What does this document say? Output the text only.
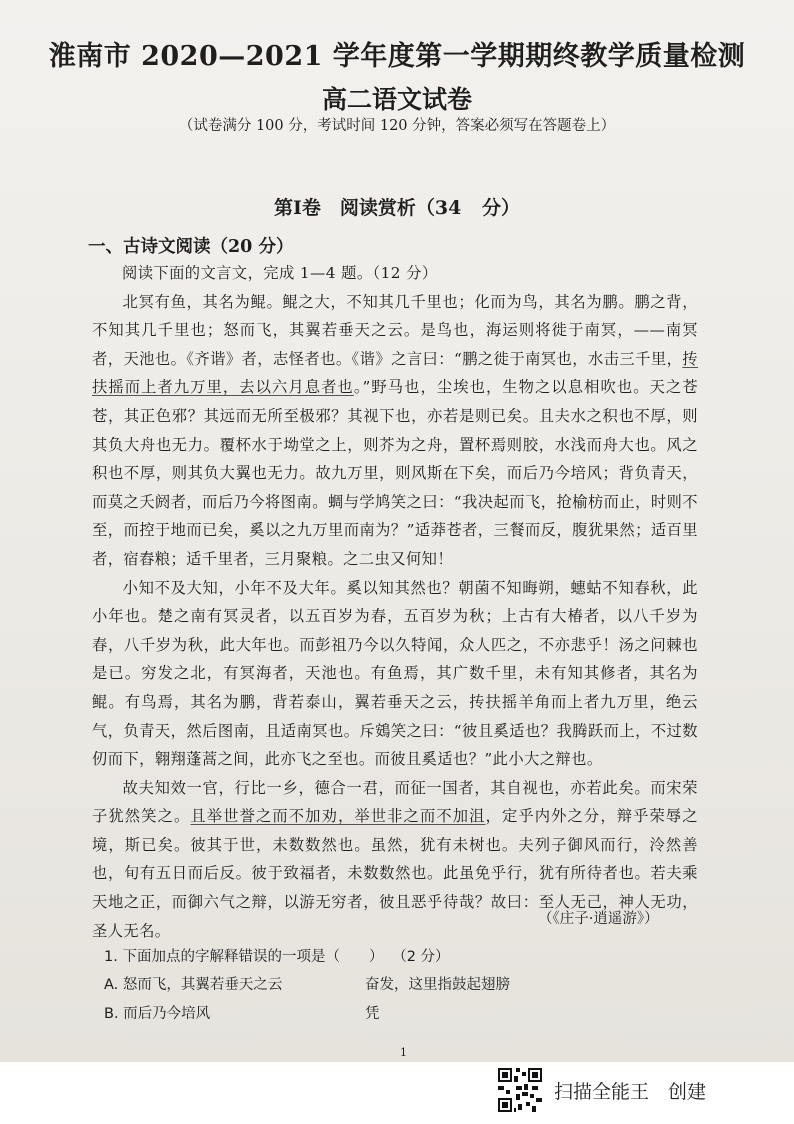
淮南市 2020—2021 学年度第一学期期终教学质量检测
高二语文试卷
（试卷满分 100 分，考试时间 120 分钟，答案必须写在答题卷上）
第Ⅰ卷　阅读赏析（34 分）
一、古诗文阅读（20 分）

阅读下面的文言文，完成 1—4 题。（12 分）

北冥有鱼，其名为鲲。鲲之大，不知其几千里也；化而为鸟，其名为鹏。鹏之背，不知其几千里也；怒而飞，其翼若垂天之云。是鸟也，海运则将徙于南冥，——南冥者，天池也。《齐谐》者，志怪者也。《谐》之言曰：“鹏之徙于南冥也，水击三千里，抟扶摇而上者九万里，去以六月息者也。”野马也，尘埃也，生物之以息相吹也。天之苍苍，其正色邪？其远而无所至极邪？其视下也，亦若是则已矣。且夫水之积也不厚，则其负大舟也无力。覆杯水于坳堂之上，则芥为之舟，置杯焉则胶，水浅而舟大也。风之积也不厚，则其负大翼也无力。故九万里，则风斯在下矣，而后乃今培风；背负青天，而莫之夭阏者，而后乃今将图南。蜩与学鸠笑之曰：“我决起而飞，抢榆枋而止，时则不至，而控于地而已矣，奚以之九万里而南为？”适莽苍者，三餐而反，腹犹果然；适百里者，宿舂粮；适千里者，三月聚粮。之二虫又何知！

小知不及大知，小年不及大年。奚以知其然也？朝菌不知晦朔，蟪蛄不知春秋，此小年也。楚之南有冥灵者，以五百岁为春，五百岁为秋；上古有大椿者，以八千岁为春，八千岁为秋，此大年也。而彭祖乃今以久特闻，众人匹之，不亦悲乎！汤之问棘也是已。穷发之北，有冥海者，天池也。有鱼焉，其广数千里，未有知其修者，其名为鲲。有鸟焉，其名为鹏，背若泰山，翼若垂天之云，抟扶摇羊角而上者九万里，绝云气，负青天，然后图南，且适南冥也。斥鴳笑之曰：“彼且奚适也？我腾跃而上，不过数仞而下，翱翔蓬蒿之间，此亦飞之至也。而彼且奚适也？”此小大之辩也。

故夫知效一官，行比一乡，德合一君，而征一国者，其自视也，亦若此矣。而宋荣子犹然笑之。且举世誉之而不加劝，举世非之而不加沮，定乎内外之分，辩乎荣辱之境，斯已矣。彼其于世，未数数然也。虽然，犹有未树也。夫列子御风而行，泠然善也，旬有五日而后反。彼于致福者，未数数然也。此虽免乎行，犹有所待者也。若夫乘天地之正，而御六气之辩，以游无穷者，彼且恶乎待哉？故曰：至人无己，神人无功，圣人无名。

（《庄子·逍遥游》）
1. 下面加点的字解释错误的一项是（　　） （2 分）
A. 怒而飞，其翼若垂天之云	奋发，这里指鼓起翅膀
B. 而后乃今培风	凭
1
扫描全能王　创建
